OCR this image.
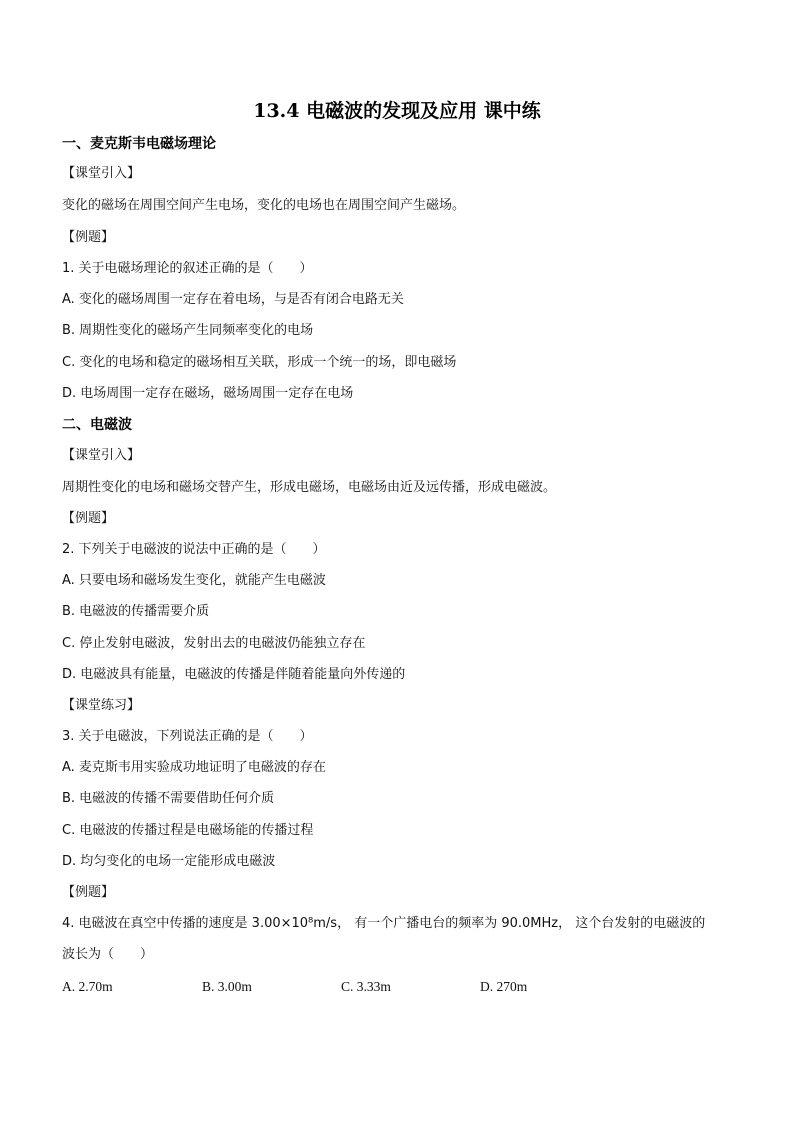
13.4 电磁波的发现及应用 课中练
一、麦克斯韦电磁场理论
【课堂引入】
变化的磁场在周围空间产生电场，变化的电场也在周围空间产生磁场。
【例题】
1. 关于电磁场理论的叙述正确的是（　　）
A. 变化的磁场周围一定存在着电场，与是否有闭合电路无关
B. 周期性变化的磁场产生同频率变化的电场
C. 变化的电场和稳定的磁场相互关联，形成一个统一的场，即电磁场
D. 电场周围一定存在磁场，磁场周围一定存在电场
二、电磁波
【课堂引入】
周期性变化的电场和磁场交替产生，形成电磁场，电磁场由近及远传播，形成电磁波。
【例题】
2. 下列关于电磁波的说法中正确的是（　　）
A. 只要电场和磁场发生变化，就能产生电磁波
B. 电磁波的传播需要介质
C. 停止发射电磁波，发射出去的电磁波仍能独立存在
D. 电磁波具有能量，电磁波的传播是伴随着能量向外传递的
【课堂练习】
3. 关于电磁波，下列说法正确的是（　　）
A. 麦克斯韦用实验成功地证明了电磁波的存在
B. 电磁波的传播不需要借助任何介质
C. 电磁波的传播过程是电磁场能的传播过程
D. 均匀变化的电场一定能形成电磁波
【例题】
4. 电磁波在真空中传播的速度是 3.00×10⁸m/s， 有一个广播电台的频率为 90.0MHz， 这个台发射的电磁波的
波长为（　　）
A. 2.70m	B. 3.00m	C. 3.33m	D. 270m
